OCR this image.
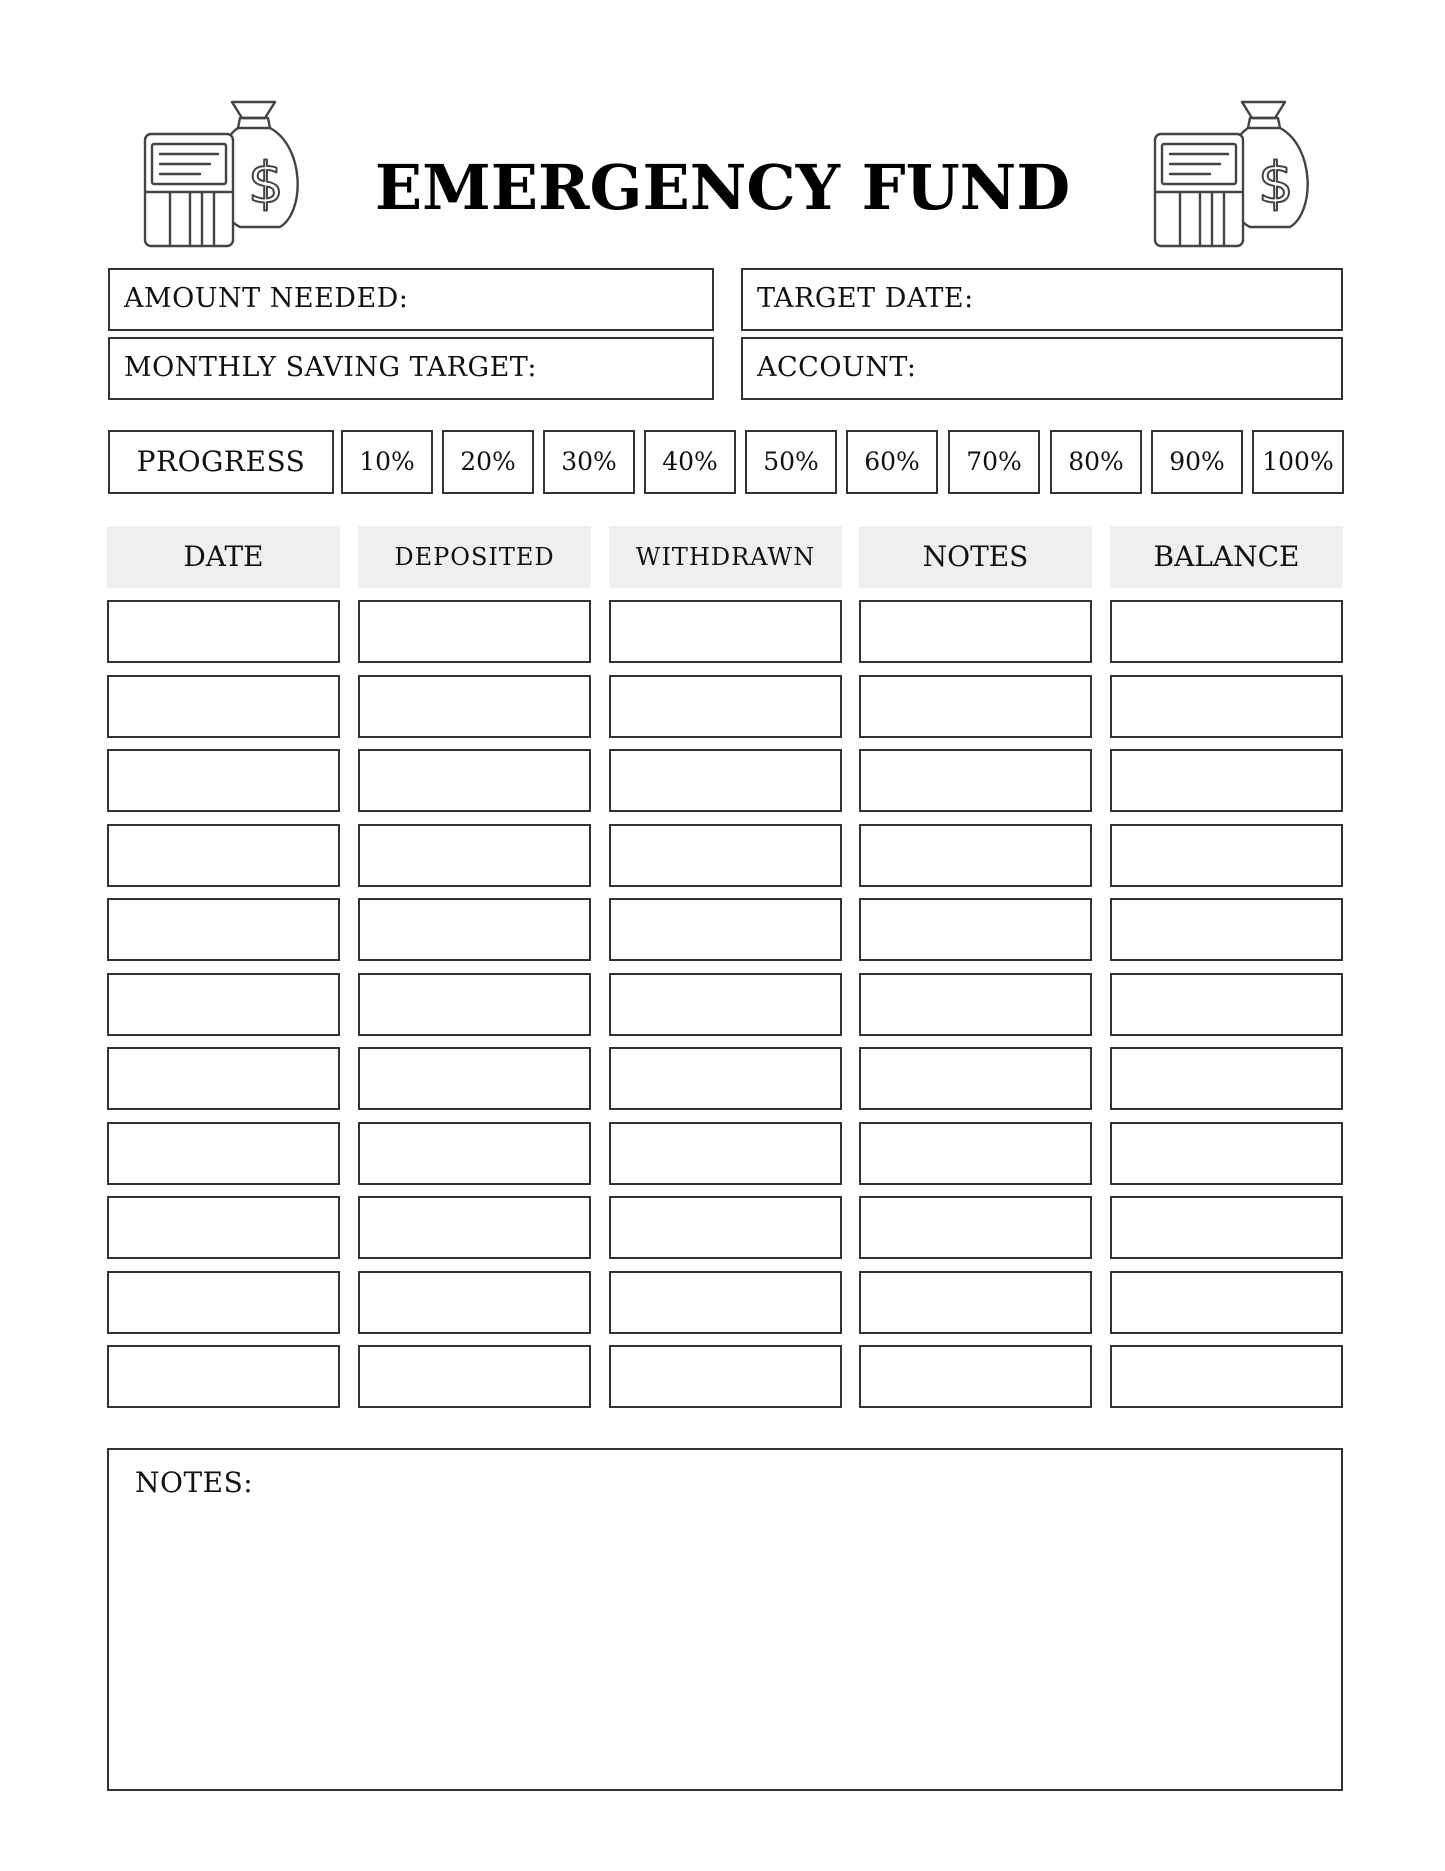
$	$
EMERGENCY FUND
AMOUNT NEEDED:	TARGET DATE:
MONTHLY SAVING TARGET:	ACCOUNT:
PROGRESS	10%	20%	30%	40%	50%	60%	70%	80%	90%	100%
DATE	DEPOSITED	WITHDRAWN	NOTES	BALANCE
NOTES:
